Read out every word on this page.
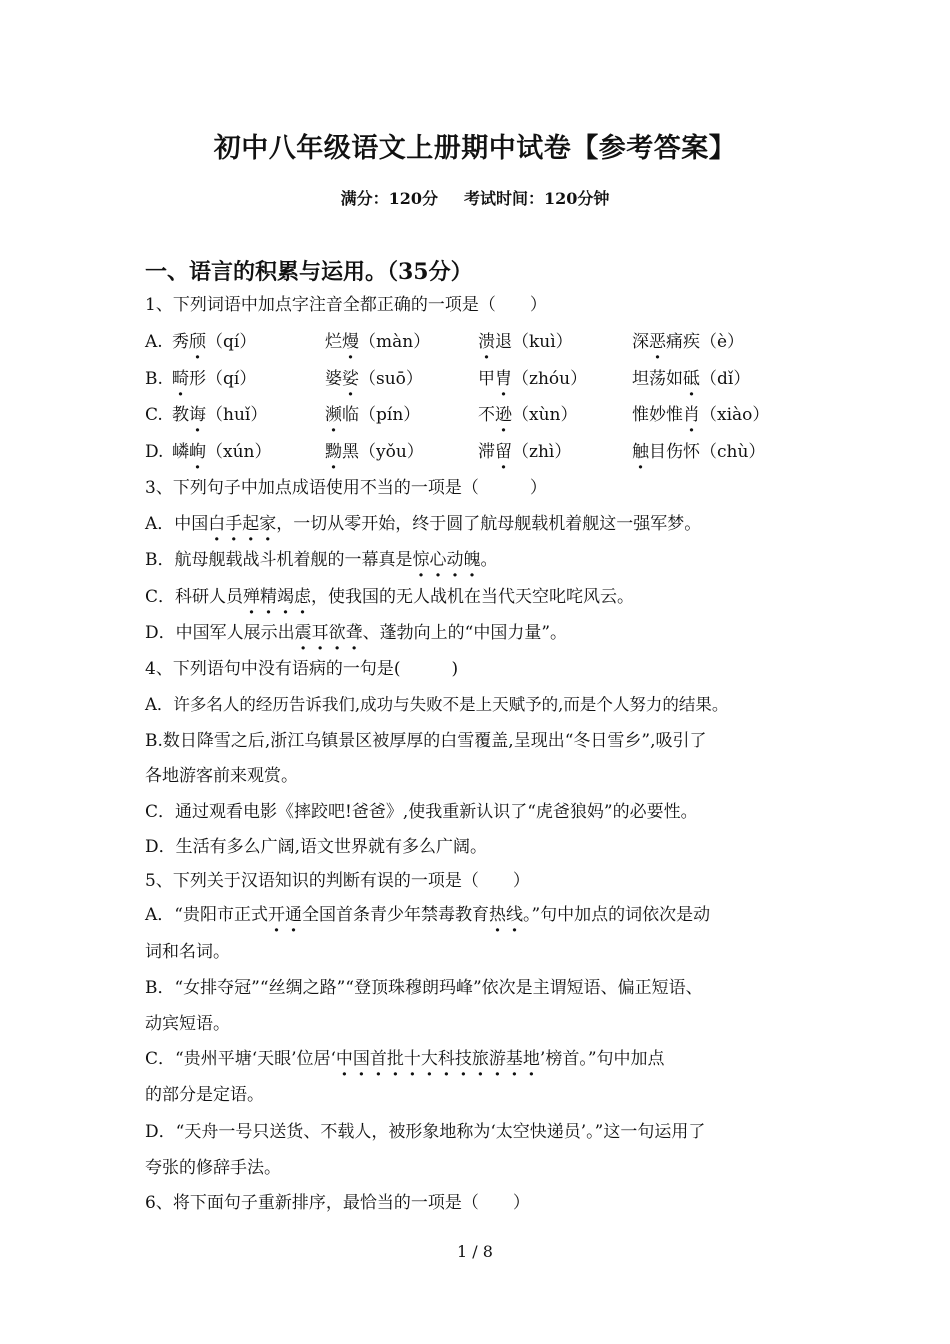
初中八年级语文上册期中试卷【参考答案】
满分：120分 考试时间：120分钟
一、语言的积累与运用。（35分）
1、下列词语中加点字注音全都正确的一项是（　　）
A. 秀颀（qí）	烂熳（màn）	溃退（kuì）	深恶痛疾（è）
B. 畸形（qí）	婆娑（suō）	甲胄（zhóu）	坦荡如砥（dǐ）
C. 教诲（huǐ）	濒临（pín）	不逊（xùn）	惟妙惟肖（xiào）
D. 嶙峋（xún）	黝黑（yǒu）	滞留（zhì）	触目伤怀（chù）
3、下列句子中加点成语使用不当的一项是（　　　）
A．中国白手起家，一切从零开始，终于圆了航母舰载机着舰这一强军梦。
B．航母舰载战斗机着舰的一幕真是惊心动魄。
C．科研人员殚精竭虑，使我国的无人战机在当代天空叱咤风云。
D．中国军人展示出震耳欲聋、蓬勃向上的“中国力量”。
4、下列语句中没有语病的一句是(　　　)
A．许多名人的经历告诉我们,成功与失败不是上天赋予的,而是个人努力的结果。
B.数日降雪之后,浙江乌镇景区被厚厚的白雪覆盖,呈现出“冬日雪乡”,吸引了
各地游客前来观赏。
C．通过观看电影《摔跤吧!爸爸》,使我重新认识了“虎爸狼妈”的必要性。
D．生活有多么广阔,语文世界就有多么广阔。
5、下列关于汉语知识的判断有误的一项是（　　）
A．“贵阳市正式开通全国首条青少年禁毒教育热线。”句中加点的词依次是动
词和名词。
B．“女排夺冠”“丝绸之路”“登顶珠穆朗玛峰”依次是主谓短语、偏正短语、
动宾短语。
C．“贵州平塘‘天眼’位居‘中国首批十大科技旅游基地’榜首。”句中加点
的部分是定语。
D．“天舟一号只送货、不载人，被形象地称为‘太空快递员’。”这一句运用了
夸张的修辞手法。
6、将下面句子重新排序，最恰当的一项是（　　）
1 / 8
